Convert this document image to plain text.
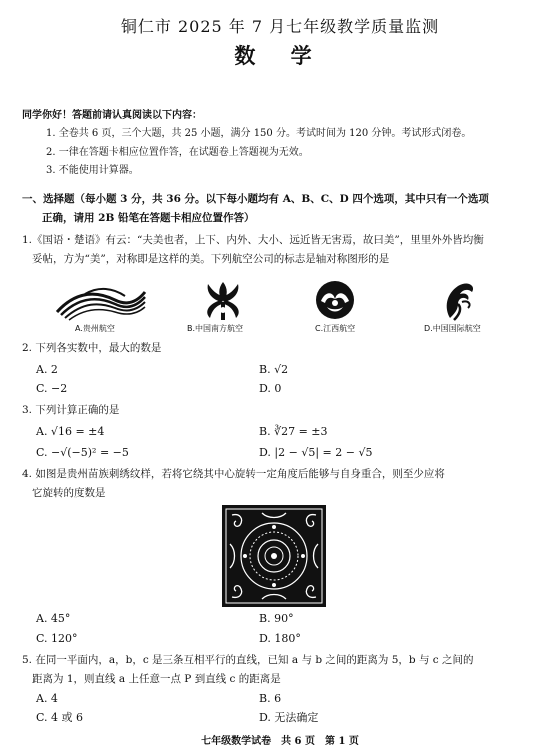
铜仁市 2025 年 7 月七年级教学质量监测
数 学
同学你好！答题前请认真阅读以下内容：
1. 全卷共 6 页，三个大题，共 25 小题，满分 150 分。考试时间为 120 分钟。考试形式闭卷。
2. 一律在答题卡相应位置作答，在试题卷上答题视为无效。
3. 不能使用计算器。
一、选择题（每小题 3 分，共 36 分。以下每小题均有 A、B、C、D 四个选项，其中只有一个选项
正确，请用 2B 铅笔在答题卡相应位置作答）
1.《国语・楚语》有云：“夫美也者，上下、内外、大小、远近皆无害焉，故曰美”，里里外外皆均衡
妥帖，方为“美”，对称即是这样的美。下列航空公司的标志是轴对称图形的是
A.贵州航空	B.中国南方航空	C.江西航空	D.中国国际航空
2. 下列各实数中，最大的数是
A. 2	B. √2
C. −2	D. 0
3. 下列计算正确的是
A. √16 = ±4	B. ∛27 = ±3
C. −√(−5)² = −5	D. |2 − √5| = 2 − √5
4. 如图是贵州苗族刺绣纹样，若将它绕其中心旋转一定角度后能够与自身重合，则至少应将
它旋转的度数是
A. 45°	B. 90°
C. 120°	D. 180°
5. 在同一平面内，a，b，c 是三条互相平行的直线，已知 a 与 b 之间的距离为 5，b 与 c 之间的
距离为 1，则直线 a 上任意一点 P 到直线 c 的距离是
A. 4	B. 6
C. 4 或 6	D. 无法确定
七年级数学试卷　共 6 页　第 1 页
